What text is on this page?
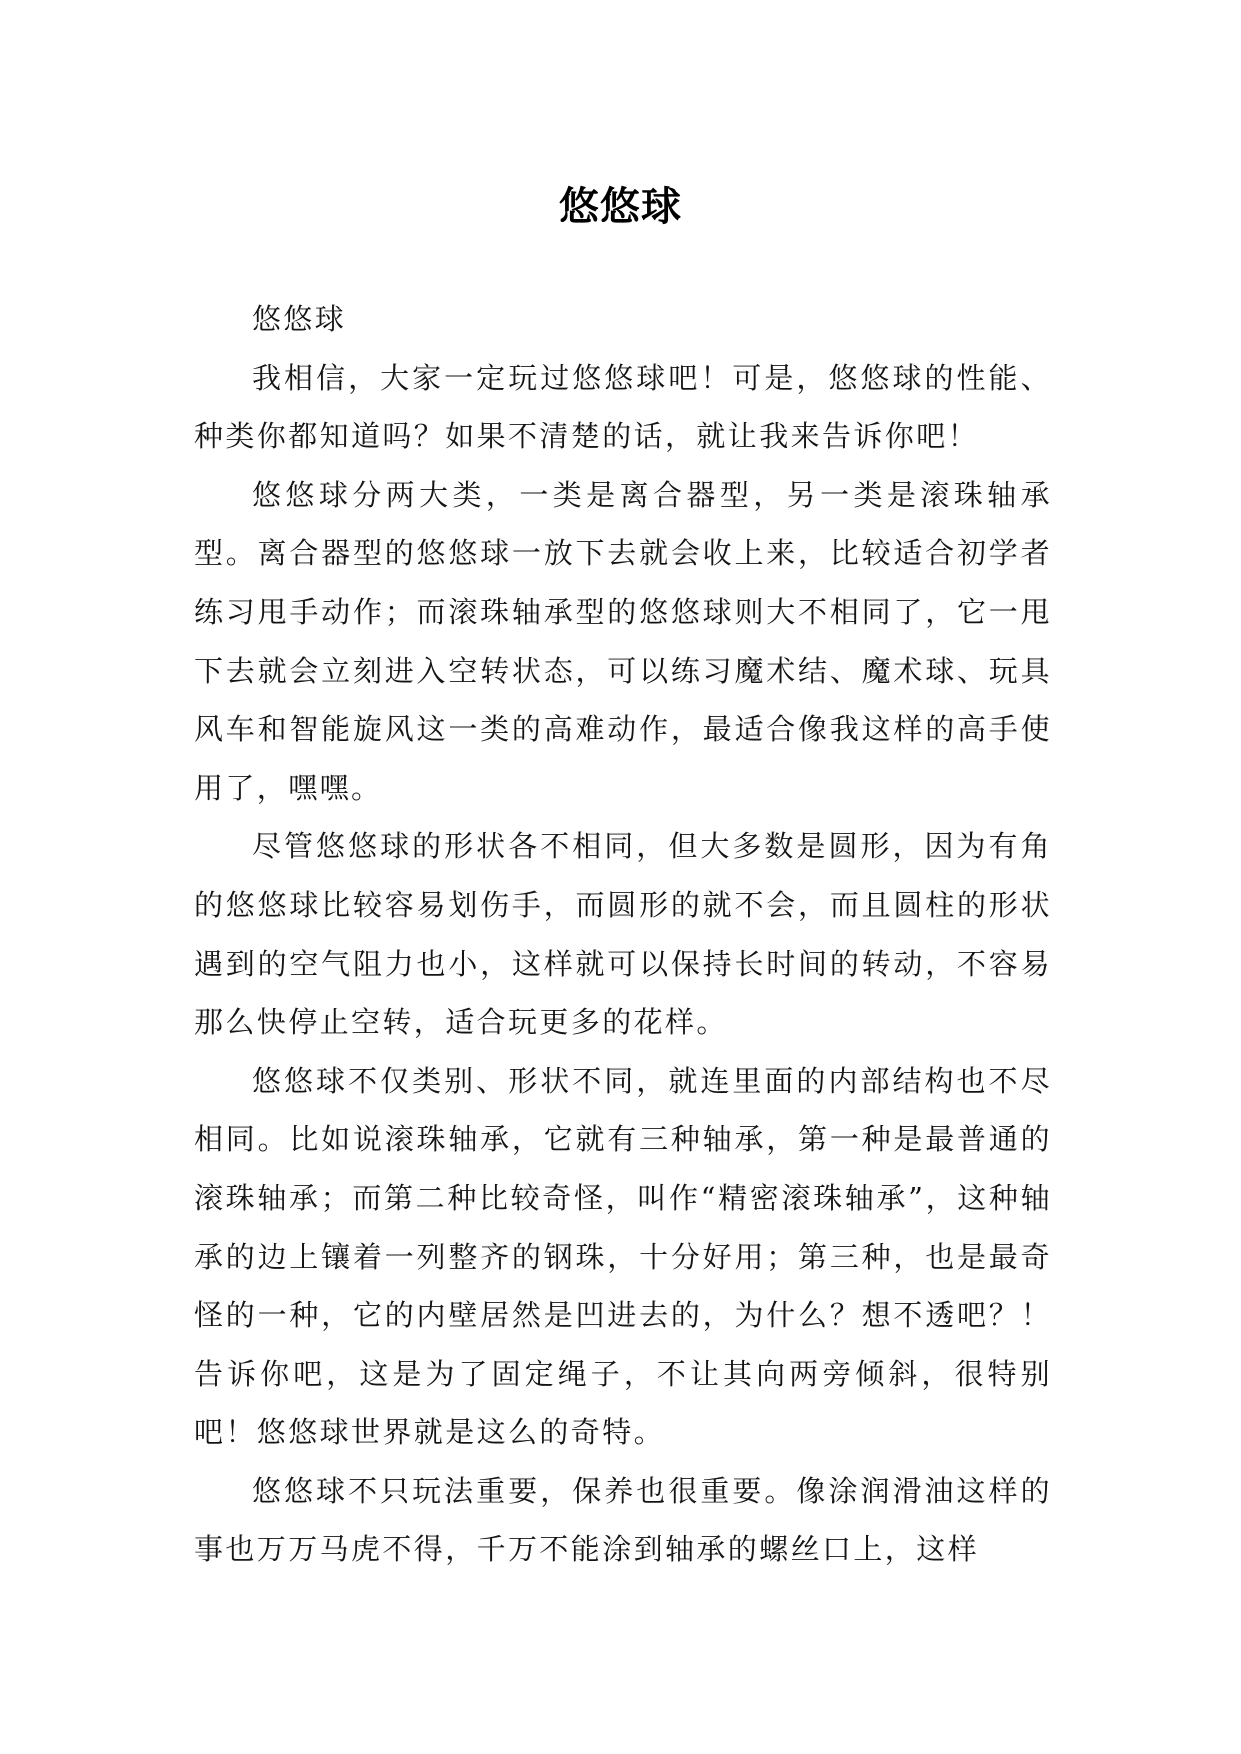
悠悠球

悠悠球

我相信，大家一定玩过悠悠球吧！可是，悠悠球的性能、种类你都知道吗？如果不清楚的话，就让我来告诉你吧！

悠悠球分两大类，一类是离合器型，另一类是滚珠轴承型。离合器型的悠悠球一放下去就会收上来，比较适合初学者练习甩手动作；而滚珠轴承型的悠悠球则大不相同了，它一甩下去就会立刻进入空转状态，可以练习魔术结、魔术球、玩具风车和智能旋风这一类的高难动作，最适合像我这样的高手使用了，嘿嘿。

尽管悠悠球的形状各不相同，但大多数是圆形，因为有角的悠悠球比较容易划伤手，而圆形的就不会，而且圆柱的形状遇到的空气阻力也小，这样就可以保持长时间的转动，不容易那么快停止空转，适合玩更多的花样。

悠悠球不仅类别、形状不同，就连里面的内部结构也不尽相同。比如说滚珠轴承，它就有三种轴承，第一种是最普通的滚珠轴承；而第二种比较奇怪，叫作“精密滚珠轴承”，这种轴承的边上镶着一列整齐的钢珠，十分好用；第三种，也是最奇怪的一种，它的内壁居然是凹进去的，为什么？想不透吧？！告诉你吧，这是为了固定绳子，不让其向两旁倾斜，很特别吧！悠悠球世界就是这么的奇特。

悠悠球不只玩法重要，保养也很重要。像涂润滑油这样的事也万万马虎不得，千万不能涂到轴承的螺丝口上，这样
